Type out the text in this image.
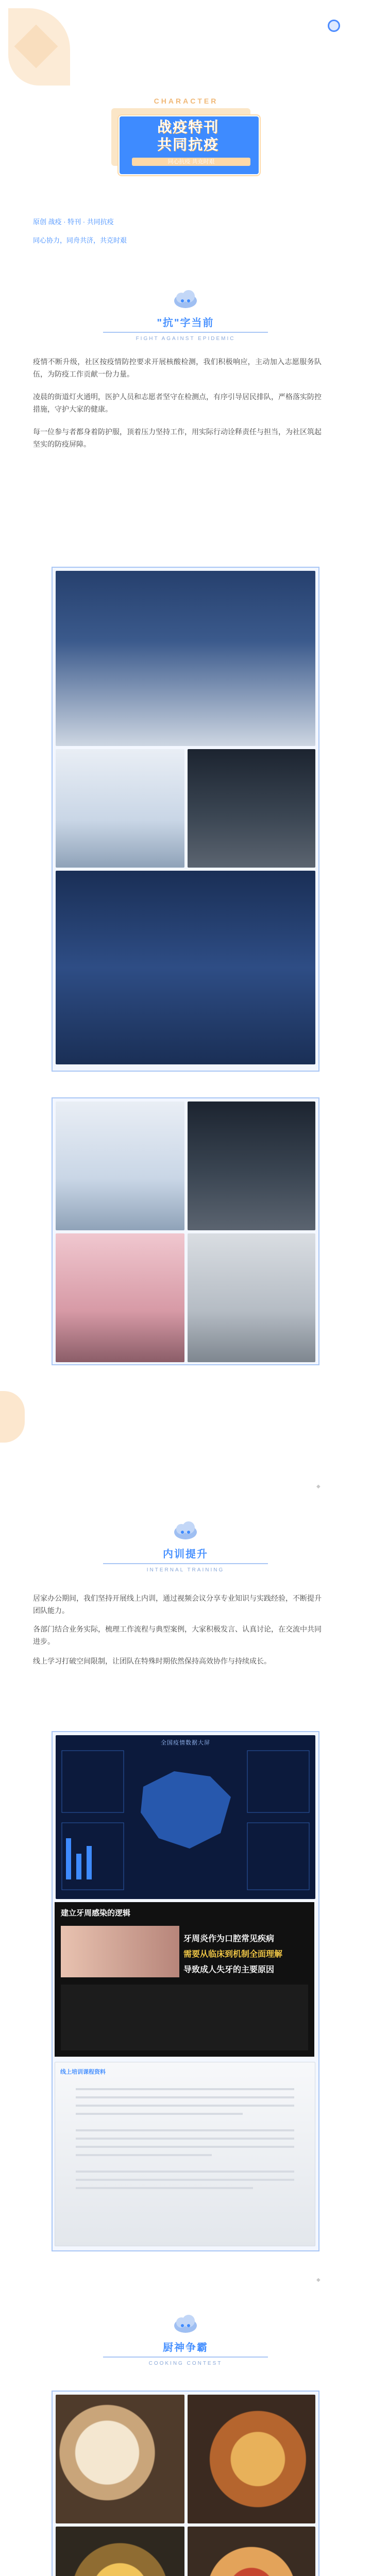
CHARACTER
战疫特刊
共同抗疫
同心抗疫 共克时艰
原创 战疫 · 特刊 · 共同抗疫
同心协力，同舟共济，共克时艰
"抗"字当前
FIGHT AGAINST EPIDEMIC
疫情不断升级，社区按疫情防控要求开展核酸检测，我们积极响应，主动加入志愿服务队伍，为防疫工作贡献一份力量。
凌晨的街道灯火通明，医护人员和志愿者坚守在检测点，有序引导居民排队，严格落实防控措施，守护大家的健康。
每一位参与者都身着防护服，顶着压力坚持工作，用实际行动诠释责任与担当，为社区筑起坚实的防疫屏障。
◆
内训提升
INTERNAL TRAINING
居家办公期间，我们坚持开展线上内训，通过视频会议分享专业知识与实践经验，不断提升团队能力。
各部门结合业务实际，梳理工作流程与典型案例，大家积极发言、认真讨论，在交流中共同进步。
线上学习打破空间限制，让团队在特殊时期依然保持高效协作与持续成长。
全国疫情数据大屏
建立牙周感染的逻辑
牙周炎作为口腔常见疾病
需要从临床到机制全面理解
导致成人失牙的主要原因
线上培训课程资料
◆
厨神争霸
COOKING CONTEST
